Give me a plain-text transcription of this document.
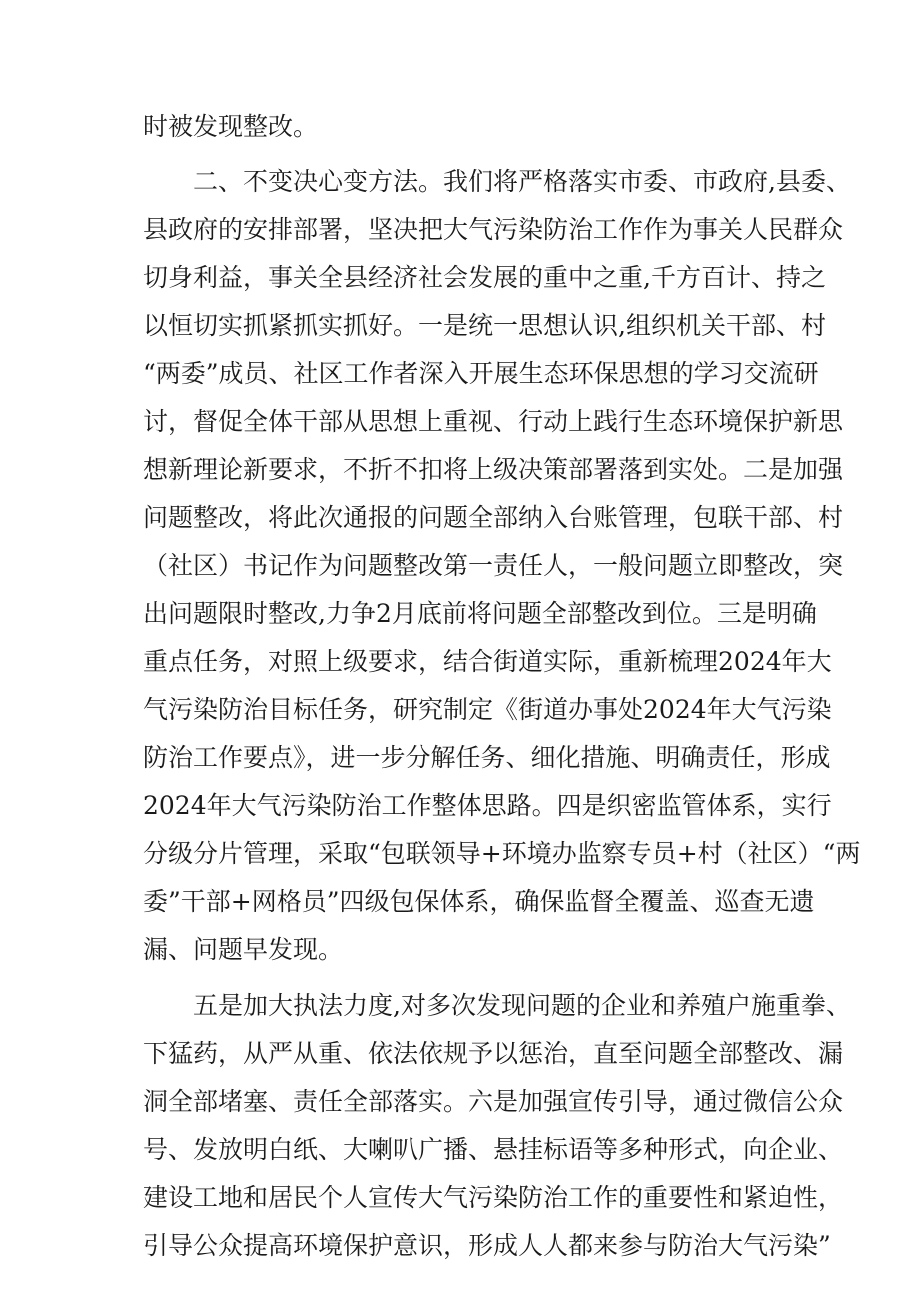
时被发现整改。
二、不变决心变方法。我们将严格落实市委、市政府,县委、
县政府的安排部署，坚决把大气污染防治工作作为事关人民群众
切身利益，事关全县经济社会发展的重中之重,千方百计、持之
以恒切实抓紧抓实抓好。一是统一思想认识,组织机关干部、村
“两委”成员、社区工作者深入开展生态环保思想的学习交流研
讨，督促全体干部从思想上重视、行动上践行生态环境保护新思
想新理论新要求，不折不扣将上级决策部署落到实处。二是加强
问题整改，将此次通报的问题全部纳入台账管理，包联干部、村
（社区）书记作为问题整改第一责任人，一般问题立即整改，突
出问题限时整改,力争2月底前将问题全部整改到位。三是明确
重点任务，对照上级要求，结合街道实际，重新梳理2024年大
气污染防治目标任务，研究制定《街道办事处2024年大气污染
防治工作要点》，进一步分解任务、细化措施、明确责任，形成
2024年大气污染防治工作整体思路。四是织密监管体系，实行
分级分片管理，采取“包联领导+环境办监察专员+村（社区）“两
委”干部+网格员”四级包保体系，确保监督全覆盖、巡查无遗
漏、问题早发现。
五是加大执法力度,对多次发现问题的企业和养殖户施重拳、
下猛药，从严从重、依法依规予以惩治，直至问题全部整改、漏
洞全部堵塞、责任全部落实。六是加强宣传引导，通过微信公众
号、发放明白纸、大喇叭广播、悬挂标语等多种形式，向企业、
建设工地和居民个人宣传大气污染防治工作的重要性和紧迫性，
引导公众提高环境保护意识，形成人人都来参与防治大气污染”
